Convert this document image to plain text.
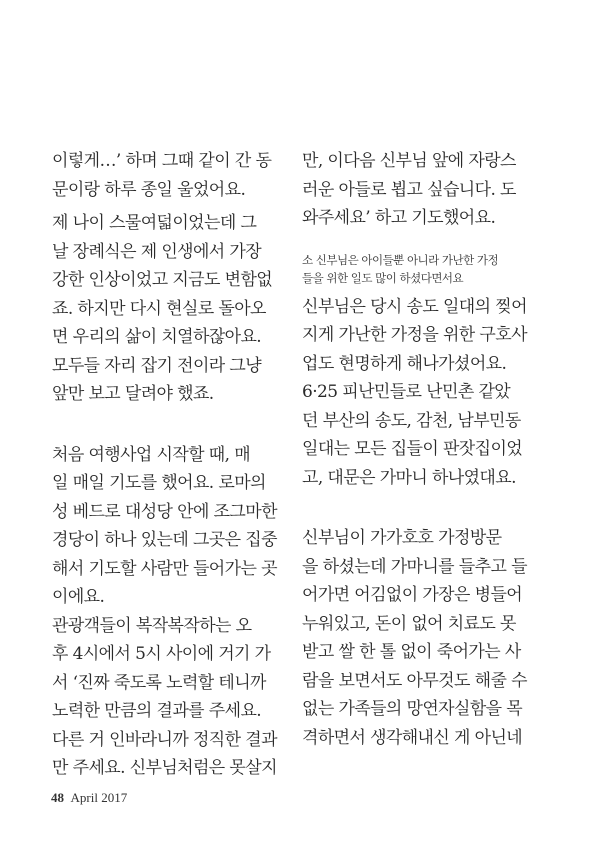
이렇게…’ 하며 그때 같이 간 동
문이랑 하루 종일 울었어요.
제 나이 스물여덟이었는데 그
날 장례식은 제 인생에서 가장
강한 인상이었고 지금도 변함없
죠. 하지만 다시 현실로 돌아오
면 우리의 삶이 치열하잖아요.
모두들 자리 잡기 전이라 그냥
앞만 보고 달려야 했죠.
처음 여행사업 시작할 때, 매
일 매일 기도를 했어요. 로마의
성 베드로 대성당 안에 조그마한
경당이 하나 있는데 그곳은 집중
해서 기도할 사람만 들어가는 곳
이에요.
관광객들이 복작복작하는 오
후 4시에서 5시 사이에 거기 가
서 ‘진짜 죽도록 노력할 테니까
노력한 만큼의 결과를 주세요.
다른 거 인바라니까 정직한 결과
만 주세요. 신부님처럼은 못살지
만, 이다음 신부님 앞에 자랑스
러운 아들로 뵙고 싶습니다. 도
와주세요’ 하고 기도했어요.
소 신부님은 아이들뿐 아니라 가난한 가정
들을 위한 일도 많이 하셨다면서요
신부님은 당시 송도 일대의 찢어
지게 가난한 가정을 위한 구호사
업도 현명하게 해나가셨어요.
6·25 피난민들로 난민촌 같았
던 부산의 송도, 감천, 남부민동
일대는 모든 집들이 판잣집이었
고, 대문은 가마니 하나였대요.
신부님이 가가호호 가정방문
을 하셨는데 가마니를 들추고 들
어가면 어김없이 가장은 병들어
누워있고, 돈이 없어 치료도 못
받고 쌀 한 톨 없이 죽어가는 사
람을 보면서도 아무것도 해줄 수
없는 가족들의 망연자실함을 목
격하면서 생각해내신 게 아닌네
48 April 2017
